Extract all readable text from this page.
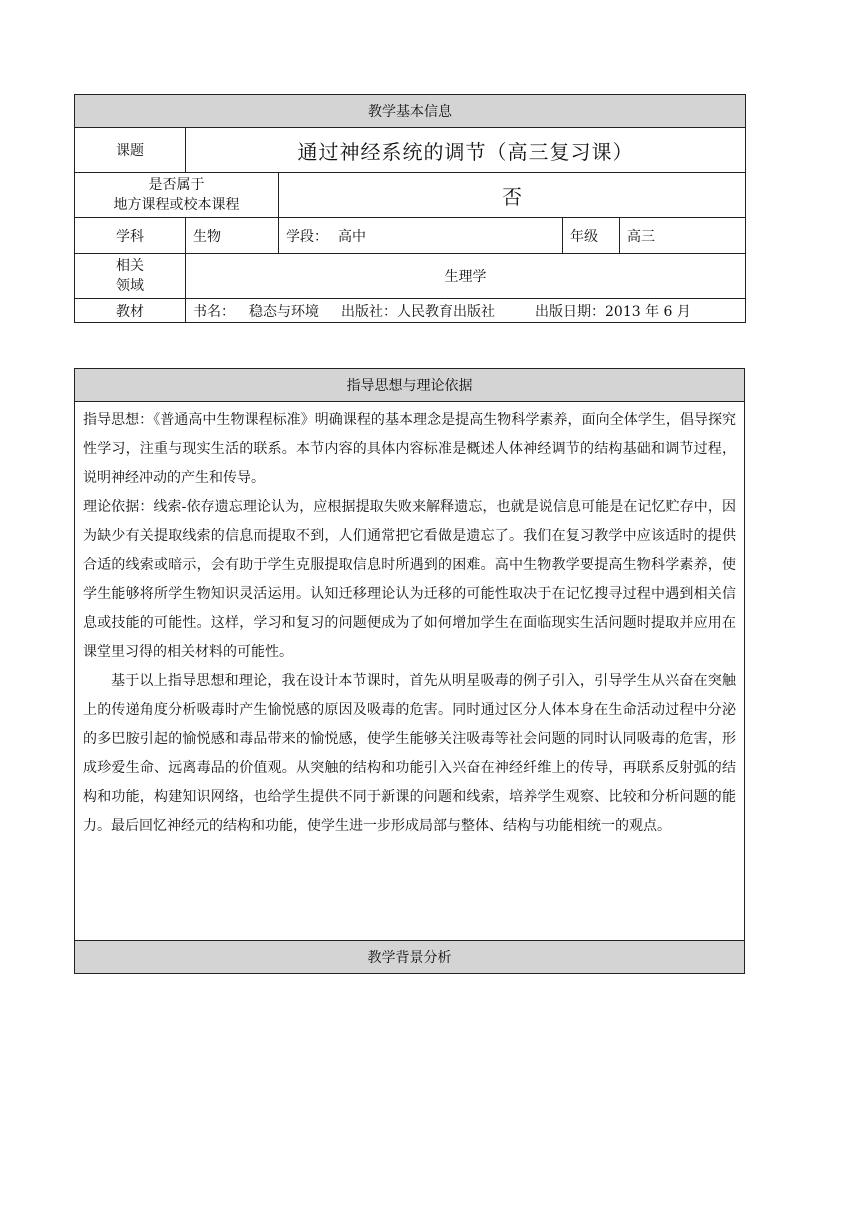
教学基本信息				
课题	通过神经系统的调节（高三复习课）			

是否属于
地方课程或校本课程		否		
学科	生物	学段： 高中	年级	高三

相关
领域	生理学			
教材	书名： 稳态与环境 出版社：人民教育出版社 出版日期：2013 年 6 月			
指导思想与理论依据

指导思想：《普通高中生物课程标准》明确课程的基本理念是提高生物科学素养，面向全体学生，倡导探究性学习，注重与现实生活的联系。本节内容的具体内容标准是概述人体神经调节的结构基础和调节过程，说明神经冲动的产生和传导。

理论依据：线索-依存遗忘理论认为，应根据提取失败来解释遗忘，也就是说信息可能是在记忆贮存中，因为缺少有关提取线索的信息而提取不到，人们通常把它看做是遗忘了。我们在复习教学中应该适时的提供合适的线索或暗示，会有助于学生克服提取信息时所遇到的困难。高中生物教学要提高生物科学素养，使学生能够将所学生物知识灵活运用。认知迁移理论认为迁移的可能性取决于在记忆搜寻过程中遇到相关信息或技能的可能性。这样，学习和复习的问题便成为了如何增加学生在面临现实生活问题时提取并应用在课堂里习得的相关材料的可能性。

基于以上指导思想和理论，我在设计本节课时，首先从明星吸毒的例子引入，引导学生从兴奋在突触上的传递角度分析吸毒时产生愉悦感的原因及吸毒的危害。同时通过区分人体本身在生命活动过程中分泌的多巴胺引起的愉悦感和毒品带来的愉悦感，使学生能够关注吸毒等社会问题的同时认同吸毒的危害，形成珍爱生命、远离毒品的价值观。从突触的结构和功能引入兴奋在神经纤维上的传导，再联系反射弧的结构和功能，构建知识网络，也给学生提供不同于新课的问题和线索，培养学生观察、比较和分析问题的能力。最后回忆神经元的结构和功能，使学生进一步形成局部与整体、结构与功能相统一的观点。

教学背景分析
